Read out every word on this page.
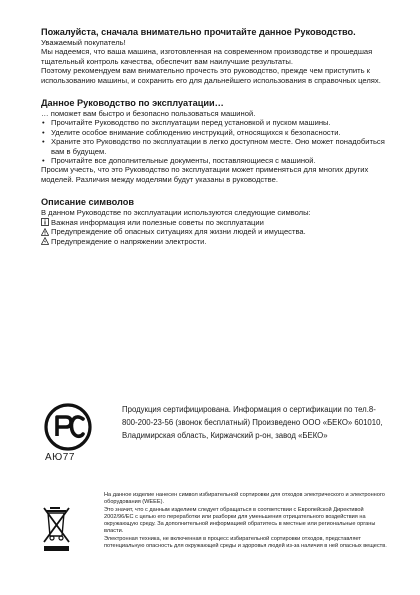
Пожалуйста, сначала внимательно прочитайте данное Руководство.

Уважаемый покупатель!

Мы надеемся, что ваша машина, изготовленная на современном производстве и прошедшая тщательный контроль качества, обеспечит вам наилучшие результаты.

Поэтому рекомендуем вам внимательно прочесть это руководство, прежде чем приступить к использованию машины, и сохранить его для дальнейшего использования в справочных целях.

Данное Руководство по эксплуатации…

… поможет вам быстро и безопасно пользоваться машиной.

• Прочитайте Руководство по эксплуатации перед установкой и пуском машины.
• Уделите особое внимание соблюдению инструкций, относящихся к безопасности.
• Храните это Руководство по эксплуатации в легко доступном месте. Оно может понадобиться вам в будущем.
• Прочитайте все дополнительные документы, поставляющиеся с машиной.

Просим учесть, что это Руководство по эксплуатации может применяться для многих других моделей. Различия между моделями будут указаны в руководстве.

Описание символов

В данном Руководстве по эксплуатации используются следующие символы:

Важная информация или полезные советы по эксплуатации
Предупреждение об опасных ситуациях для жизни людей и имущества.
Предупреждение о напряжении электрости.
АЮ77
Продукция сертифицирована. Информация о сертификации по тел.8-800-200-23-56 (звонок бесплатный) Произведено ООО «БЕКО» 601010, Владимирская область, Киржачский р-он, завод «БЕКО»
На данное изделие нанесен символ избирательной сортировки для отходов электрического и электронного оборудования (WEEE).
Это значит, что с данным изделием следует обращаться в соответствии с Европейской Директивой 2002/96/EC с целью его переработки или разборки для уменьшения отрицательного воздействия на окружающую среду. За дополнительной информацией обратитесь в местные или региональные органы власти.
Электронная техника, не включенная в процесс избирательной сортировки отходов, представляет потенциальную опасность для окружающей среды и здоровья людей из-за наличия в ней опасных веществ.
